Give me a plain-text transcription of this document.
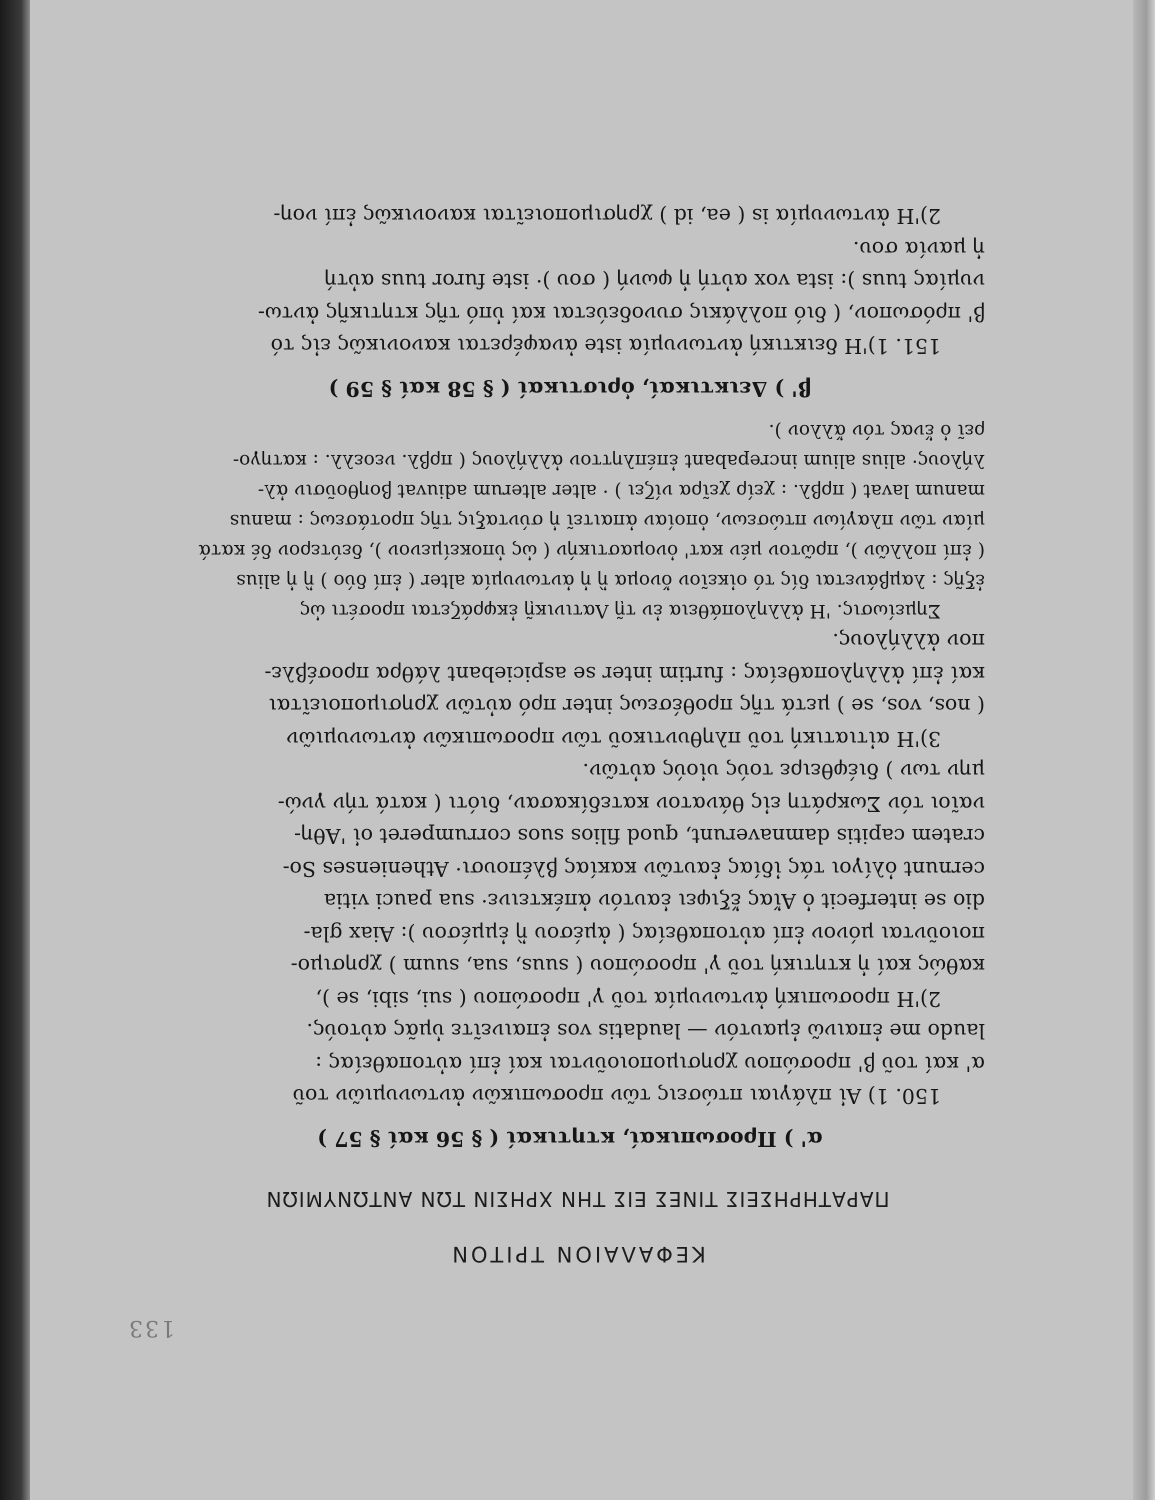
133
ΚΕΦΑΛΑΙΟΝ ΤΡΙΤΟΝ
ΠΑΡΑΤΗΡΗΣΕΙΣ ΤΙΝΕΣ ΕΙΣ ΤΗΝ ΧΡΗΣΙΝ ΤΩΝ ΑΝΤΩΝΥΜΙΩΝ
α' ) Προσωπικαί, κτητικαί ( § 56 καί § 57 )
150. 1) Αἱ πλάγιαι πτώσεις τῶν προσωπικῶν ἀντωνυμιῶν τοῦ
α' καί τοῦ β' προσώπου χρησιμοποιοῦνται καί ἐπί αὐτοπαθείας :
laudo me ἐπαινῶ ἐμαυτόν — laudatis vos ἐπαινεῖτε ὑμᾶς αὐτούς.
2)'Η προσωπική ἀντωνυμία τοῦ γ' προσώπου ( sui, sibi, se ),
καθώς καί ἡ κτητική τοῦ γ' προσώπου ( suus, sua, suum ) χρησιμο-
ποιοῦνται μόνον ἐπί αὐτοπαθείας ( ἀμέσου ἢ ἐμμέσου ): Aiax gla-
dio se interfecit ὁ Αἴας ἔξιφει ἑαυτόν ἀπέκτεινε· sua pauci vitia
cernunt ὀλίγοι τάς ἰδίας ἑαυτῶν κακίας βλέπουσι· Athenienses So-
cratem capitis damnaverunt, quod filios suos corrumperet οἱ 'Αθη-
ναῖοι τόν Σωκράτη εἰς θάνατον κατεδίκασαν, διότι ( κατά τήν γνώ-
μην των ) διέφθειρε τούς υἱούς αὐτῶν.
3)'Η αἰτιατική τοῦ πληθυντικοῦ τῶν προσωπικῶν ἀντωνυμιῶν
( nos, vos, se ) μετά τῆς προθέσεως inter πρό αὐτῶν χρησιμοποιεῖται
καί ἐπί ἀλληλοπαθείας : furtim inter se aspiciebant λάθρα προσέβλε-
πον ἀλλήλους.
Σημείωσις. 'Η ἀλληλοπάθεια ἐν τῇ Λατινικῇ ἐκφράζεται προσέτι ὡς
ἑξῆς : λαμβάνεται δίς τό οἰκεῖον ὄνομα ἢ ἡ ἀντωνυμία alter ( ἐπί δύο ) ἢ ἡ alius
( ἐπί πολλῶν ), πρῶτον μέν κατ' ὀνομαστικήν ( ὡς ὑποκείμενον ), δεύτερον δέ κατά
μίαν τῶν πλαγίων πτώσεων, ὁποίαν ἀπαιτεῖ ἡ σύνταξις τῆς προτάσεως : manus
manum lavat ( πρβλ. : χείρ χεῖρα νίζει ) · alter alterum adiuvat βοηθοῦσιν ἀλ-
λήλους· alius alium increpabant ἐπέπληττον ἀλλήλους ( πρβλ. νεοελλ. : κατηγο-
ρεῖ ὁ ἕνας τόν ἄλλον ).
β' ) Δεικτικαί, ὁριστικαί ( § 58 καί § 59 )
151. 1)'Η δεικτική ἀντωνυμία iste ἀναφέρεται κανονικῶς εἰς τό
β' πρόσωπον, ( διό πολλάκις συνοδεύεται καί ὑπό τῆς κτητικῆς ἀντω-
νυμίας tuus ): ista vox αὐτή ἡ φωνή ( σου )· iste furor tuus αὐτή
ἡ μανία σου.
2)'Η ἀντωνυμία is ( ea, id ) χρησιμοποιεῖται κανονικῶς ἐπί νοη-
